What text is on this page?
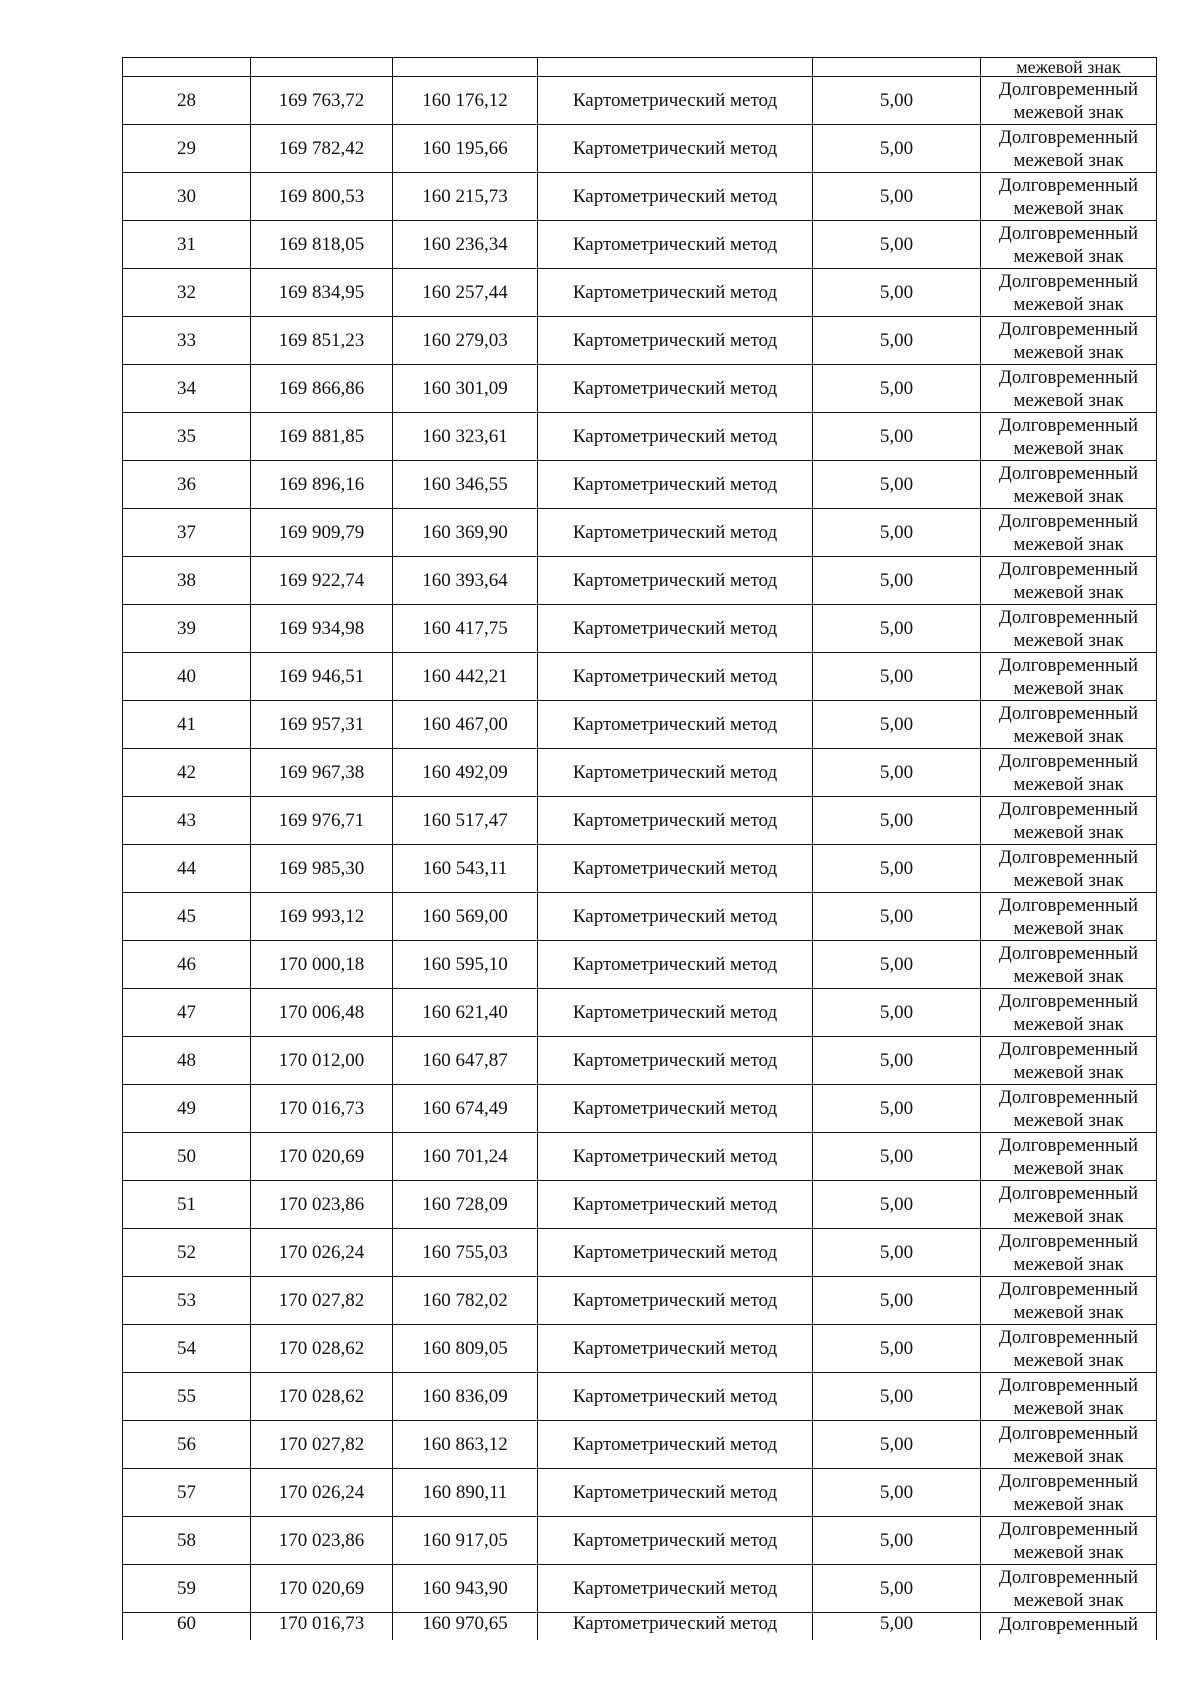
					межевой знак

28	169 763,72	160 176,12	Картометрический метод	5,00	Долговременный
межевой знак

29	169 782,42	160 195,66	Картометрический метод	5,00	Долговременный
межевой знак

30	169 800,53	160 215,73	Картометрический метод	5,00	Долговременный
межевой знак

31	169 818,05	160 236,34	Картометрический метод	5,00	Долговременный
межевой знак

32	169 834,95	160 257,44	Картометрический метод	5,00	Долговременный
межевой знак

33	169 851,23	160 279,03	Картометрический метод	5,00	Долговременный
межевой знак

34	169 866,86	160 301,09	Картометрический метод	5,00	Долговременный
межевой знак

35	169 881,85	160 323,61	Картометрический метод	5,00	Долговременный
межевой знак

36	169 896,16	160 346,55	Картометрический метод	5,00	Долговременный
межевой знак

37	169 909,79	160 369,90	Картометрический метод	5,00	Долговременный
межевой знак

38	169 922,74	160 393,64	Картометрический метод	5,00	Долговременный
межевой знак

39	169 934,98	160 417,75	Картометрический метод	5,00	Долговременный
межевой знак

40	169 946,51	160 442,21	Картометрический метод	5,00	Долговременный
межевой знак

41	169 957,31	160 467,00	Картометрический метод	5,00	Долговременный
межевой знак

42	169 967,38	160 492,09	Картометрический метод	5,00	Долговременный
межевой знак

43	169 976,71	160 517,47	Картометрический метод	5,00	Долговременный
межевой знак

44	169 985,30	160 543,11	Картометрический метод	5,00	Долговременный
межевой знак

45	169 993,12	160 569,00	Картометрический метод	5,00	Долговременный
межевой знак

46	170 000,18	160 595,10	Картометрический метод	5,00	Долговременный
межевой знак

47	170 006,48	160 621,40	Картометрический метод	5,00	Долговременный
межевой знак

48	170 012,00	160 647,87	Картометрический метод	5,00	Долговременный
межевой знак

49	170 016,73	160 674,49	Картометрический метод	5,00	Долговременный
межевой знак

50	170 020,69	160 701,24	Картометрический метод	5,00	Долговременный
межевой знак

51	170 023,86	160 728,09	Картометрический метод	5,00	Долговременный
межевой знак

52	170 026,24	160 755,03	Картометрический метод	5,00	Долговременный
межевой знак

53	170 027,82	160 782,02	Картометрический метод	5,00	Долговременный
межевой знак

54	170 028,62	160 809,05	Картометрический метод	5,00	Долговременный
межевой знак

55	170 028,62	160 836,09	Картометрический метод	5,00	Долговременный
межевой знак

56	170 027,82	160 863,12	Картометрический метод	5,00	Долговременный
межевой знак

57	170 026,24	160 890,11	Картометрический метод	5,00	Долговременный
межевой знак

58	170 023,86	160 917,05	Картометрический метод	5,00	Долговременный
межевой знак

59	170 020,69	160 943,90	Картометрический метод	5,00	Долговременный
межевой знак

60	170 016,73	160 970,65	Картометрический метод	5,00	Долговременный
